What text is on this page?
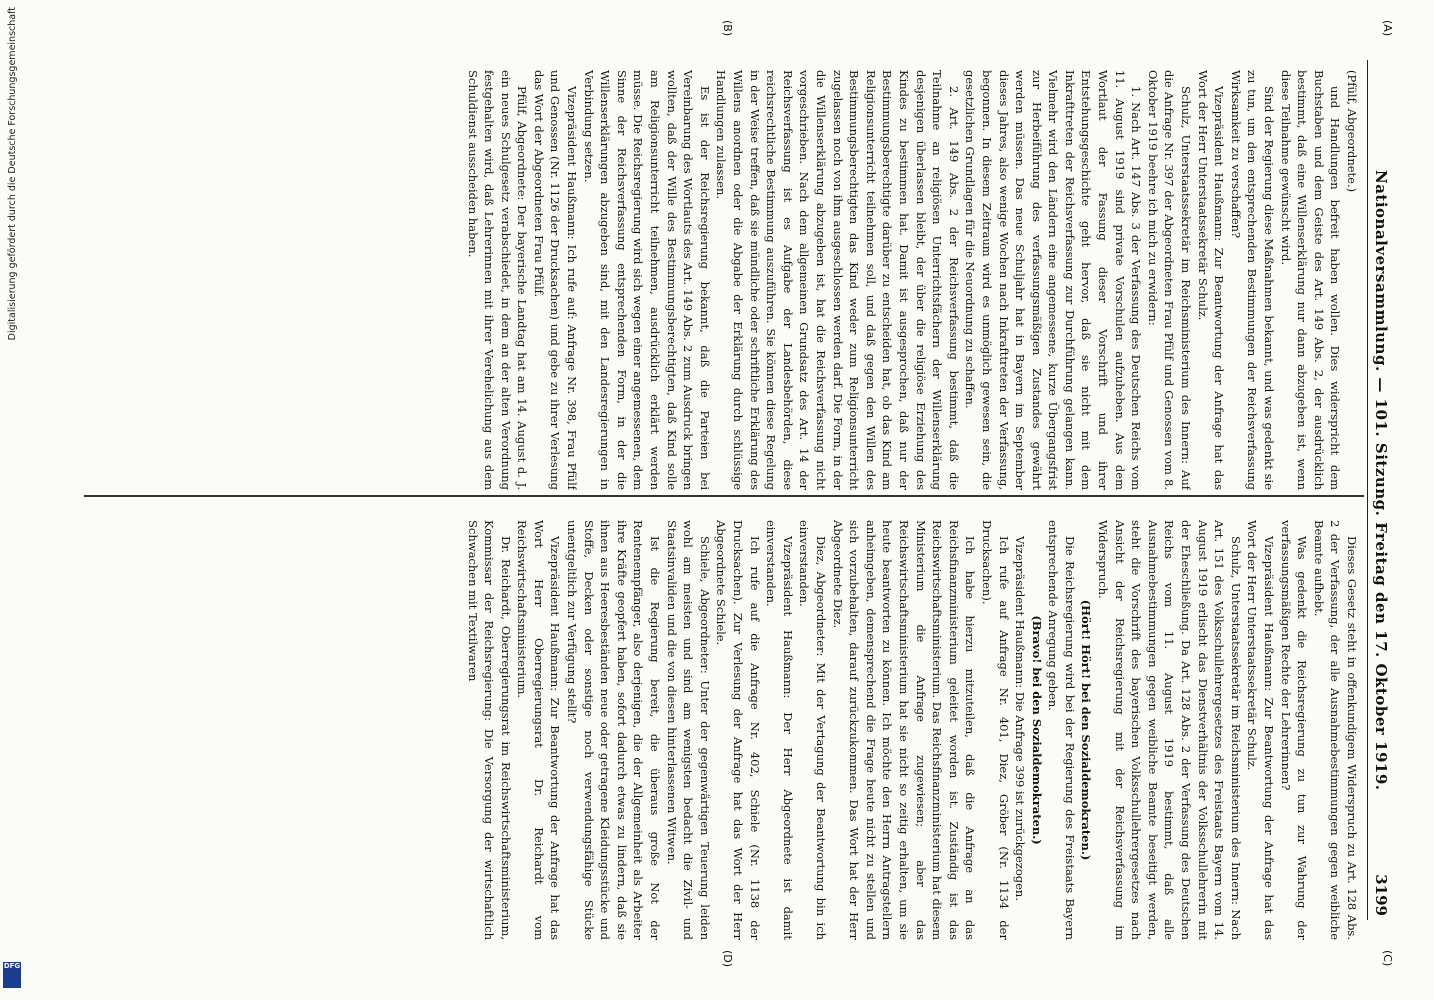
Nationalversammlung. — 101. Sitzung. Freitag den 17. Oktober 1919.
3199
(A)
(B)
(C)
(D)

(Pfülf, Abgeordnete.)

und Handlungen befreit haben wollen. Dies widerspricht dem Buchstaben und dem Geiste des Art. 149 Abs. 2, der ausdrücklich bestimmt, daß eine Willenserklärung nur dann abzugeben ist, wenn diese Teilnahme gewünscht wird.

Sind der Regierung diese Maßnahmen bekannt, und was gedenkt sie zu tun, um den entsprechenden Bestimmungen der Reichsverfassung Wirksamkeit zu verschaffen?

Vizepräsident Haußmann: Zur Beantwortung der Anfrage hat das Wort der Herr Unterstaatssekretär Schulz.

Schulz, Unterstaatssekretär im Reichsministerium des Innern: Auf die Anfrage Nr. 397 der Abgeordneten Frau Pfülf und Genossen vom 8. Oktober 1919 beehre ich mich zu erwidern:

1. Nach Art. 147 Abs. 3 der Verfassung des Deutschen Reichs vom 11. August 1919 sind private Vorschulen aufzuheben. Aus dem Wortlaut der Fassung dieser Vorschrift und ihrer Entstehungsgeschichte geht hervor, daß sie nicht mit dem Inkrafttreten der Reichsverfassung zur Durchführung gelangen kann. Vielmehr wird den Ländern eine angemessene, kurze Übergangsfrist zur Herbeiführung des verfassungsmäßigen Zustandes gewährt werden müssen. Das neue Schuljahr hat in Bayern im September dieses Jahres, also wenige Wochen nach Inkrafttreten der Verfassung, begonnen. In diesem Zeitraum wird es unmöglich gewesen sein, die gesetzlichen Grundlagen für die Neuordnung zu schaffen.

2. Art. 149 Abs. 2 der Reichsverfassung bestimmt, daß die Teilnahme an religiösen Unterrichtsfächern der Willenserklärung desjenigen überlassen bleibt, der über die religiöse Erziehung des Kindes zu bestimmen hat. Damit ist ausgesprochen, daß nur der Bestimmungsberechtigte darüber zu entscheiden hat, ob das Kind am Religionsunterricht teilnehmen soll, und daß gegen den Willen des Bestimmungsberechtigten das Kind weder zum Religionsunterricht zugelassen noch von ihm ausgeschlossen werden darf. Die Form, in der die Willenserklärung abzugeben ist, hat die Reichsverfassung nicht vorgeschrieben. Nach dem allgemeinen Grundsatz des Art. 14 der Reichsverfassung ist es Aufgabe der Landesbehörden, diese reichsrechtliche Bestimmung auszuführen. Sie können diese Regelung in der Weise treffen, daß sie mündliche oder schriftliche Erklärung des Willens anordnen oder die Abgabe der Erklärung durch schlüssige Handlungen zulassen.

Es ist der Reichsregierung bekannt, daß die Parteien bei Vereinbarung des Wortlauts des Art. 149 Abs. 2 zum Ausdruck bringen wollten, daß der Wille des Bestimmungsberechtigten, daß Kind solle am Religionsunterricht teilnehmen, ausdrücklich erklärt werden müsse. Die Reichsregierung wird sich wegen einer angemessenen, dem Sinne der Reichsverfassung entsprechenden Form, in der die Willenserklärungen abzugeben sind, mit den Landesregierungen in Verbindung setzen.

Vizepräsident Haußmann: Ich rufe auf: Anfrage Nr. 398, Frau Pfülf und Genossen (Nr. 1126 der Drucksachen) und gebe zu ihrer Verlesung das Wort der Abgeordneten Frau Pfülf.

Pfülf, Abgeordnete: Der bayerische Landtag hat am 14. August d. J. ein neues Schulgesetz verabschiedet, in dem an der alten Verordnung festgehalten wird, daß Lehrerinnen mit ihrer Verehelichung aus dem Schuldienst ausscheiden haben.

Dieses Gesetz steht in offenkundigem Widerspruch zu Art. 128 Abs. 2 der Verfassung, der alle Ausnahmebestimmungen gegen weibliche Beamte aufhebt.

Was gedenkt die Reichsregierung zu tun zur Wahrung der verfassungsmäßigen Rechte der Lehrerinnen?

Vizepräsident Haußmann: Zur Beantwortung der Anfrage hat das Wort der Herr Unterstaatssekretär Schulz.

Schulz, Unterstaatssekretär im Reichsministerium des Innern: Nach Art. 151 des Volksschullehrergesetzes des Freistaats Bayern vom 14. August 1919 erlischt das Dienstverhältnis der Volksschullehrerin mit der Eheschließung. Da Art. 128 Abs. 2 der Verfassung des Deutschen Reichs vom 11. August 1919 bestimmt, daß alle Ausnahmebestimmungen gegen weibliche Beamte beseitigt werden, steht die Vorschrift des bayerischen Volksschullehrergesetzes nach Ansicht der Reichsregierung mit der Reichsverfassung im Widerspruch.

(Hört! Hört! bei den Sozialdemokraten.)

Die Reichsregierung wird bei der Regierung des Freistaats Bayern entsprechende Anregung geben.

(Bravo! bei den Sozialdemokraten.)

Vizepräsident Haußmann: Die Anfrage 399 ist zurückgezogen.

Ich rufe auf Anfrage Nr. 401, Diez, Gröber (Nr. 1134 der Drucksachen).

Ich habe hierzu mitzuteilen, daß die Anfrage an das Reichsfinanzministerium geleitet worden ist. Zuständig ist das Reichswirtschaftsministerium. Das Reichsfinanzministerium hat diesem Ministerium die Anfrage zugewiesen; aber das Reichswirtschaftsministerium hat sie nicht so zeitig erhalten, um sie heute beantworten zu können. Ich möchte den Herrn Antragstellern anheimgeben, demensprechend die Frage heute nicht zu stellen und sich vorzubehalten, darauf zurückzukommen. Das Wort hat der Herr Abgeordnete Diez.

Diez, Abgeordneter: Mit der Vertagung der Beantwortung bin ich einverstanden.

Vizepräsident Haußmann: Der Herr Abgeordnete ist damit einverstanden.

Ich rufe auf die Anfrage Nr. 402, Schiele (Nr. 1138 der Drucksachen). Zur Verlesung der Anfrage hat das Wort der Herr Abgeordnete Schiele.

Schiele, Abgeordneter: Unter der gegenwärtigen Teuerung leiden wohl am meisten und sind am wenigsten bedacht die Zivil- und Staatsinvaliden und die von diesen hinterlassenen Witwen.

Ist die Regierung bereit, die überaus große Not der Rentenempfänger, also derjenigen, die der Allgemeinheit als Arbeiter ihre Kräfte geopfert haben, sofort dadurch etwas zu lindern, daß sie ihnen aus Heeresbeständen neue oder getragene Kleidungsstücke und Stoffe, Decken oder sonstige noch verwendungsfähige Stücke unentgeltlich zur Verfügung stellt?

Vizepräsident Haußmann: Zur Beantwortung der Anfrage hat das Wort Herr Oberregierungsrat Dr. Reichardt vom Reichswirtschaftsministerium.

Dr. Reichardt, Oberregierungsrat im Reichswirtschaftsministerium, Kommissar der Reichsregierung: Die Versorgung der wirtschaftlich Schwachen mit Textilwaren

Digitalisierung gefördert durch die Deutsche Forschungsgemeinschaft
DFG
